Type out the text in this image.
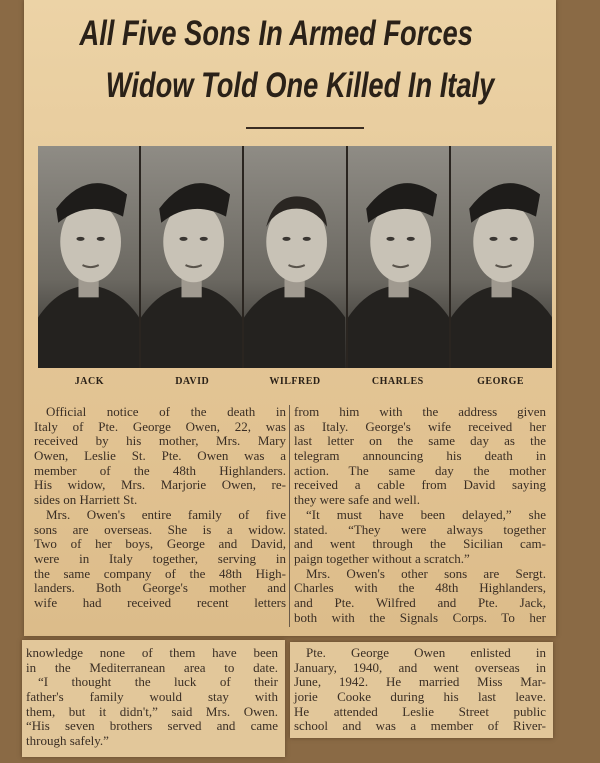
All Five Sons In Armed Forces
Widow Told One Killed In Italy
JACK	DAVID	WILFRED	CHARLES	GEORGE
Official notice of the death in
Italy of Pte. George Owen, 22, was
received by his mother, Mrs. Mary
Owen, Leslie St. Pte. Owen was a
member of the 48th Highlanders.
His widow, Mrs. Marjorie Owen, re-
sides on Harriett St.
Mrs. Owen's entire family of five
sons are overseas. She is a widow.
Two of her boys, George and David,
were in Italy together, serving in
the same company of the 48th High-
landers. Both George's mother and
wife had received recent letters
from him with the address given
as Italy. George's wife received her
last letter on the same day as the
telegram announcing his death in
action. The same day the mother
received a cable from David saying
they were safe and well.
“It must have been delayed,” she
stated. “They were always together
and went through the Sicilian cam-
paign together without a scratch.”
Mrs. Owen's other sons are Sergt.
Charles with the 48th Highlanders,
and Pte. Wilfred and Pte. Jack,
both with the Signals Corps. To her
knowledge none of them have been
in the Mediterranean area to date.
“I thought the luck of their
father's family would stay with
them, but it didn't,” said Mrs. Owen.
“His seven brothers served and came
through safely.”
Pte. George Owen enlisted in
January, 1940, and went overseas in
June, 1942. He married Miss Mar-
jorie Cooke during his last leave.
He attended Leslie Street public
school and was a member of River-
